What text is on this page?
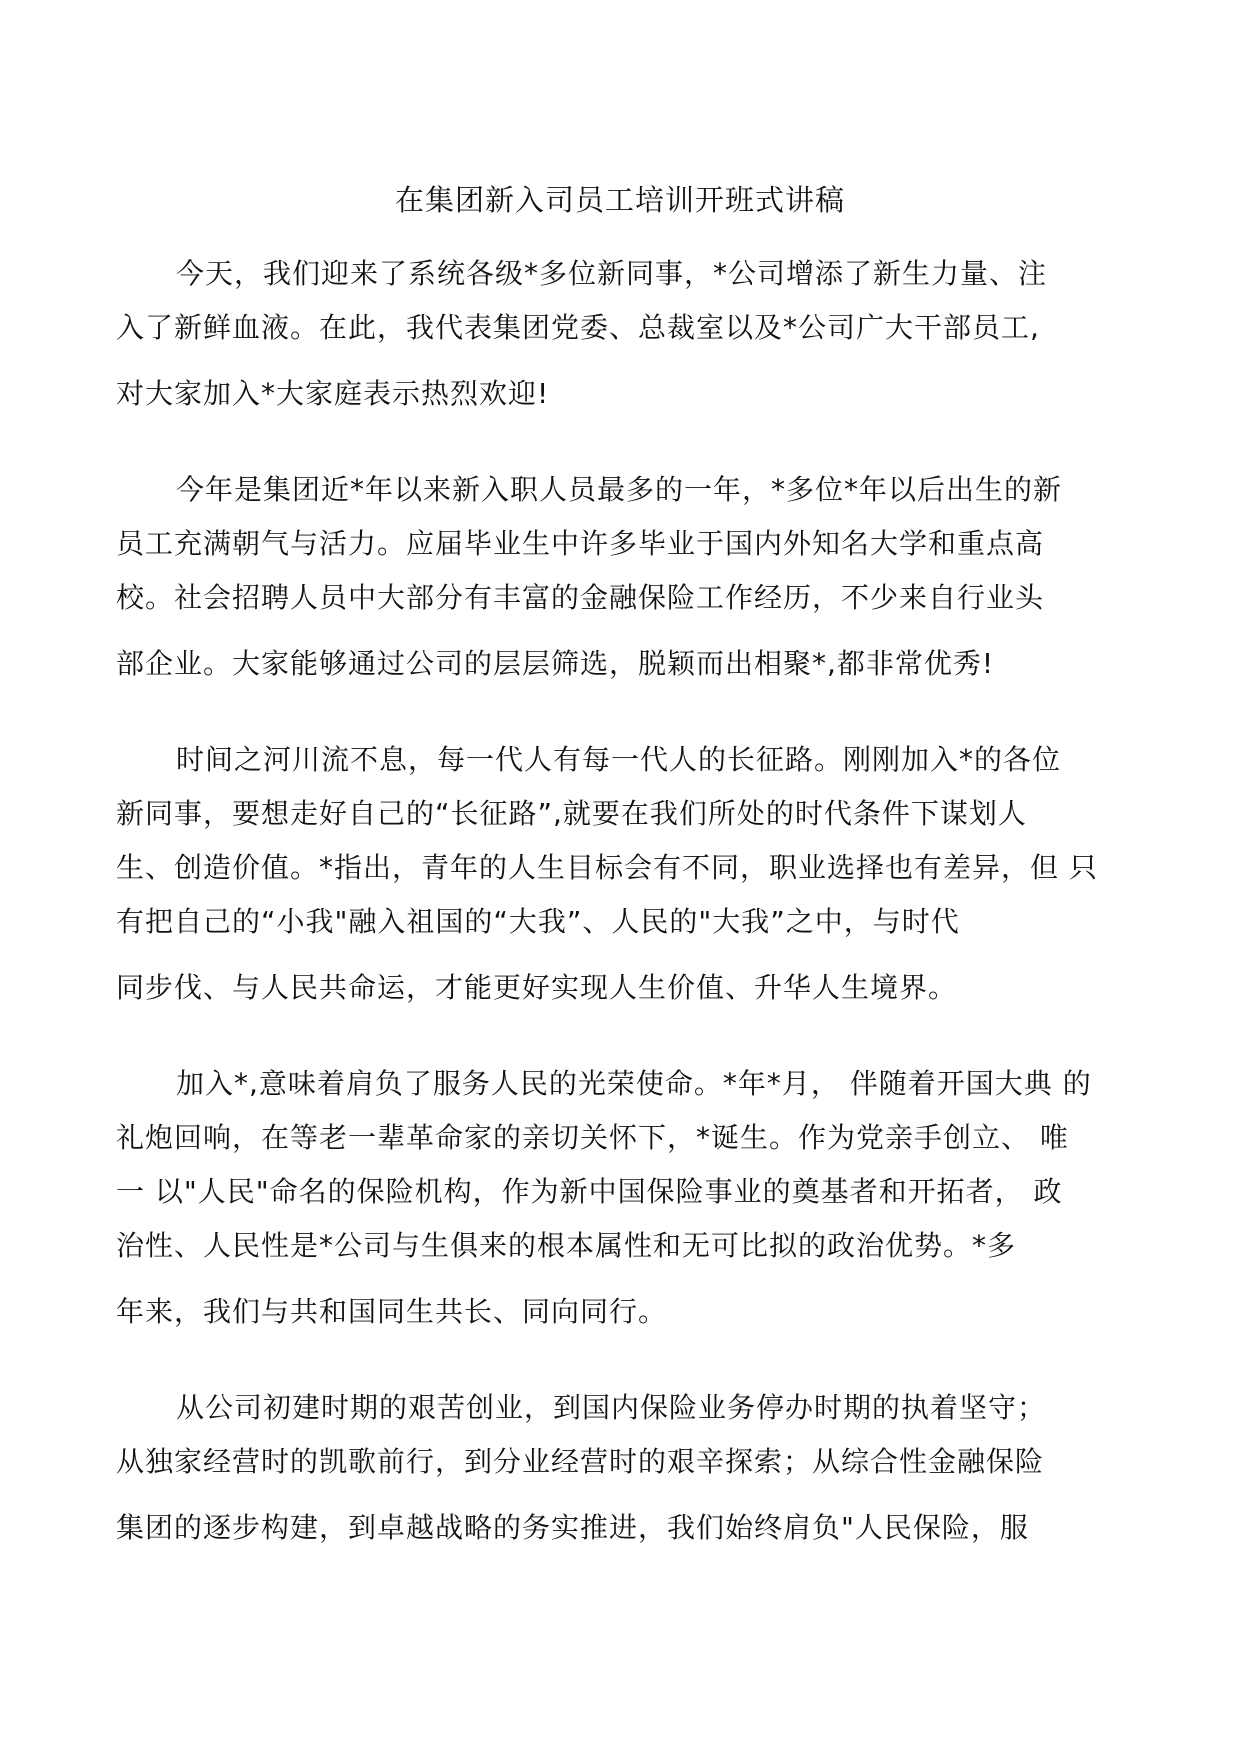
在集团新入司员工培训开班式讲稿
今天，我们迎来了系统各级*多位新同事，*公司增添了新生力量、注
入了新鲜血液。在此，我代表集团党委、总裁室以及*公司广大干部员工,
对大家加入*大家庭表示热烈欢迎!
今年是集团近*年以来新入职人员最多的一年，*多位*年以后出生的新
员工充满朝气与活力。应届毕业生中许多毕业于国内外知名大学和重点高
校。社会招聘人员中大部分有丰富的金融保险工作经历，不少来自行业头
部企业。大家能够通过公司的层层筛选，脱颖而出相聚*,都非常优秀!
时间之河川流不息，每一代人有每一代人的长征路。刚刚加入*的各位
新同事，要想走好自己的“长征路”,就要在我们所处的时代条件下谋划人
生、创造价值。*指出，青年的人生目标会有不同，职业选择也有差异，但 只
有把自己的“小我"融入祖国的“大我”、人民的"大我”之中，与时代
同步伐、与人民共命运，才能更好实现人生价值、升华人生境界。
加入*,意味着肩负了服务人民的光荣使命。*年*月， 伴随着开国大典 的
礼炮回响，在等老一辈革命家的亲切关怀下，*诞生。作为党亲手创立、 唯
一 以"人民"命名的保险机构，作为新中国保险事业的奠基者和开拓者， 政
治性、人民性是*公司与生俱来的根本属性和无可比拟的政治优势。*多
年来，我们与共和国同生共长、同向同行。
从公司初建时期的艰苦创业，到国内保险业务停办时期的执着坚守；
从独家经营时的凯歌前行，到分业经营时的艰辛探索；从综合性金融保险
集团的逐步构建，到卓越战略的务实推进，我们始终肩负"人民保险，服
